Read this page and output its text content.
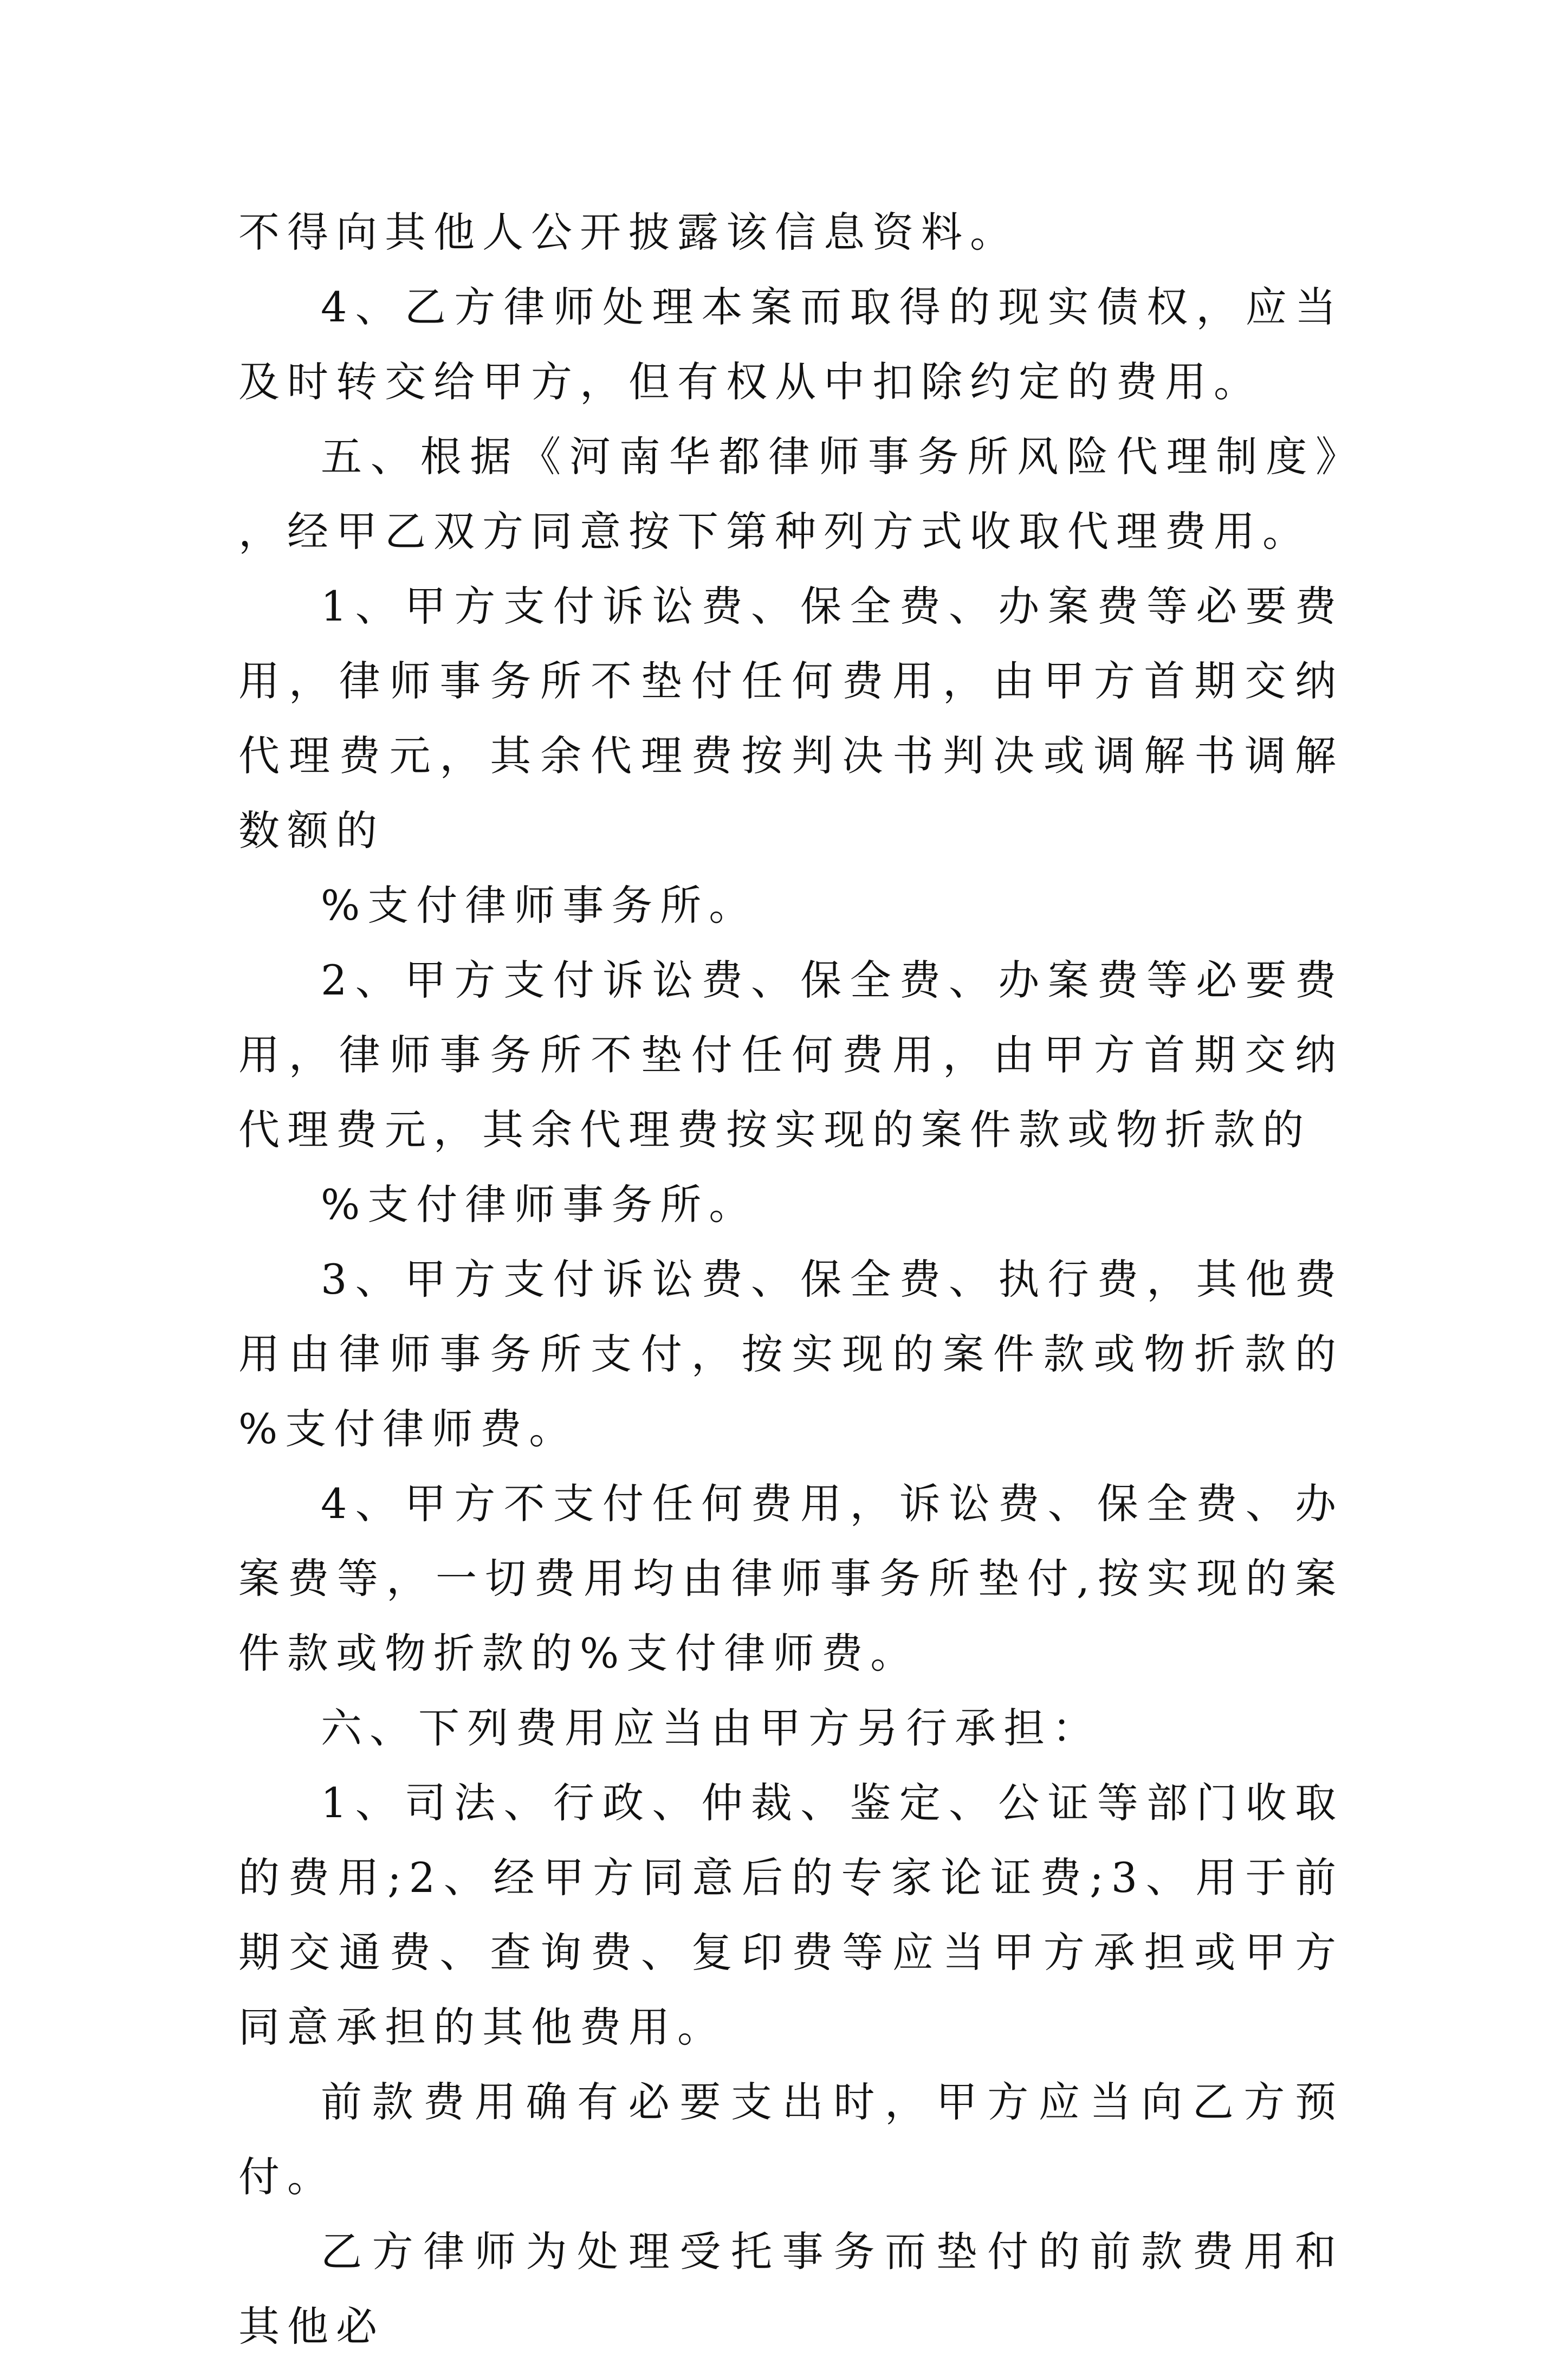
不得向其他人公开披露该信息资料。

4、乙方律师处理本案而取得的现实债权，应当及时转交给甲方，但有权从中扣除约定的费用。

五、根据《河南华都律师事务所风险代理制度》，经甲乙双方同意按下第种列方式收取代理费用。

1、甲方支付诉讼费、保全费、办案费等必要费用，律师事务所不垫付任何费用，由甲方首期交纳代理费元，其余代理费按判决书判决或调解书调解数额的

%支付律师事务所。

2、甲方支付诉讼费、保全费、办案费等必要费用，律师事务所不垫付任何费用，由甲方首期交纳代理费元，其余代理费按实现的案件款或物折款的

%支付律师事务所。

3、甲方支付诉讼费、保全费、执行费，其他费用由律师事务所支付，按实现的案件款或物折款的%支付律师费。

4、甲方不支付任何费用，诉讼费、保全费、办案费等，一切费用均由律师事务所垫付,按实现的案件款或物折款的%支付律师费。

六、下列费用应当由甲方另行承担：

1、司法、行政、仲裁、鉴定、公证等部门收取的费用;2、经甲方同意后的专家论证费;3、用于前期交通费、查询费、复印费等应当甲方承担或甲方同意承担的其他费用。

前款费用确有必要支出时，甲方应当向乙方预付。

乙方律师为处理受托事务而垫付的前款费用和其他必
